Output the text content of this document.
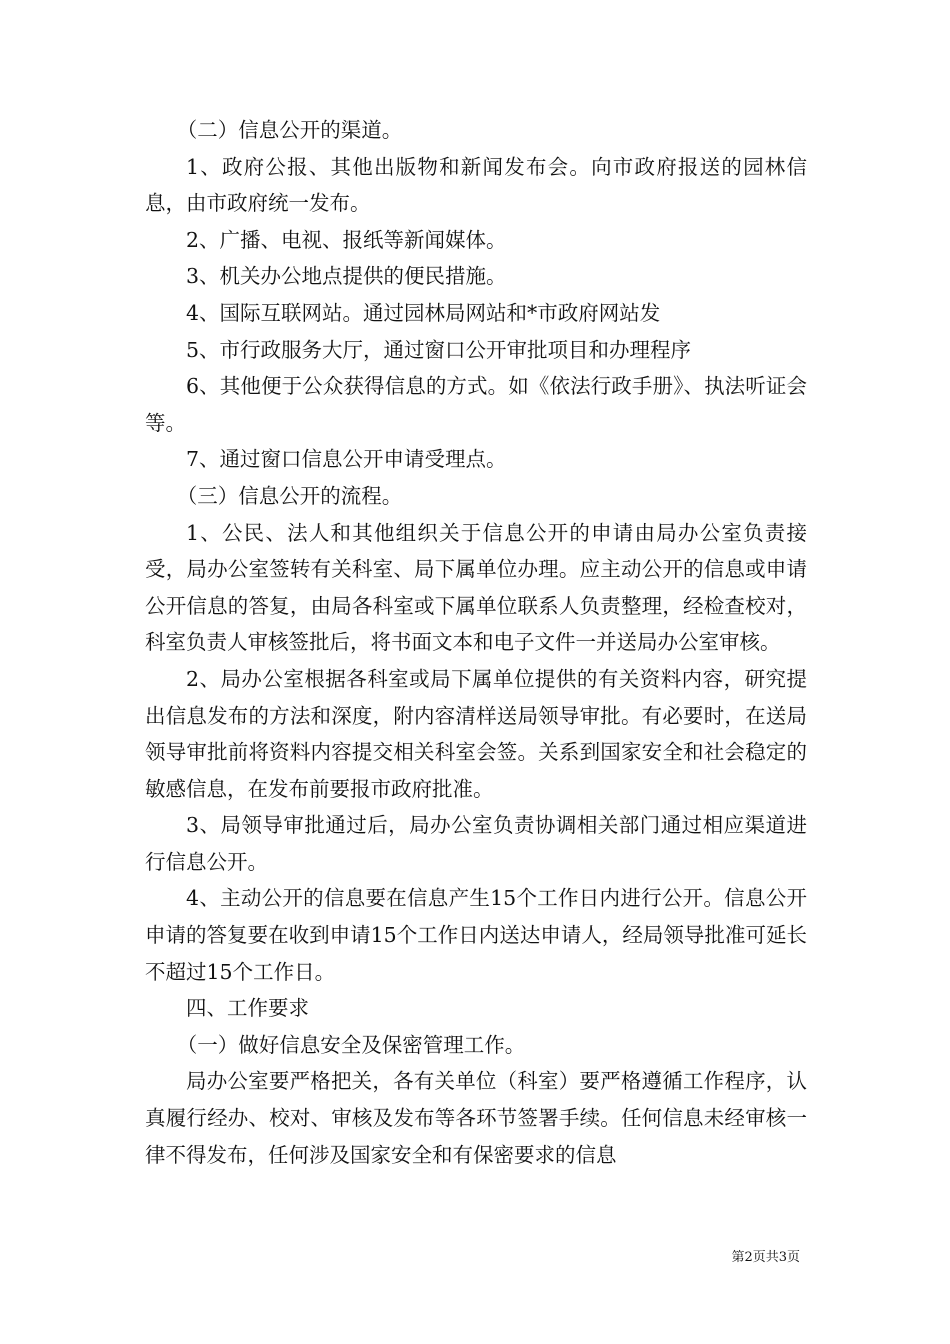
（二）信息公开的渠道。

1、政府公报、其他出版物和新闻发布会。向市政府报送的园林信息，由市政府统一发布。

2、广播、电视、报纸等新闻媒体。

3、机关办公地点提供的便民措施。

4、国际互联网站。通过园林局网站和*市政府网站发

5、市行政服务大厅，通过窗口公开审批项目和办理程序

6、其他便于公众获得信息的方式。如《依法行政手册》、执法听证会等。

7、通过窗口信息公开申请受理点。

（三）信息公开的流程。

1、公民、法人和其他组织关于信息公开的申请由局办公室负责接受，局办公室签转有关科室、局下属单位办理。应主动公开的信息或申请公开信息的答复，由局各科室或下属单位联系人负责整理，经检查校对，科室负责人审核签批后，将书面文本和电子文件一并送局办公室审核。

2、局办公室根据各科室或局下属单位提供的有关资料内容，研究提出信息发布的方法和深度，附内容清样送局领导审批。有必要时，在送局领导审批前将资料内容提交相关科室会签。关系到国家安全和社会稳定的敏感信息，在发布前要报市政府批准。

3、局领导审批通过后，局办公室负责协调相关部门通过相应渠道进行信息公开。

4、主动公开的信息要在信息产生15个工作日内进行公开。信息公开申请的答复要在收到申请15个工作日内送达申请人，经局领导批准可延长不超过15个工作日。

四、工作要求

（一）做好信息安全及保密管理工作。

局办公室要严格把关，各有关单位（科室）要严格遵循工作程序，认真履行经办、校对、审核及发布等各环节签署手续。任何信息未经审核一律不得发布，任何涉及国家安全和有保密要求的信息

第2页共3页
